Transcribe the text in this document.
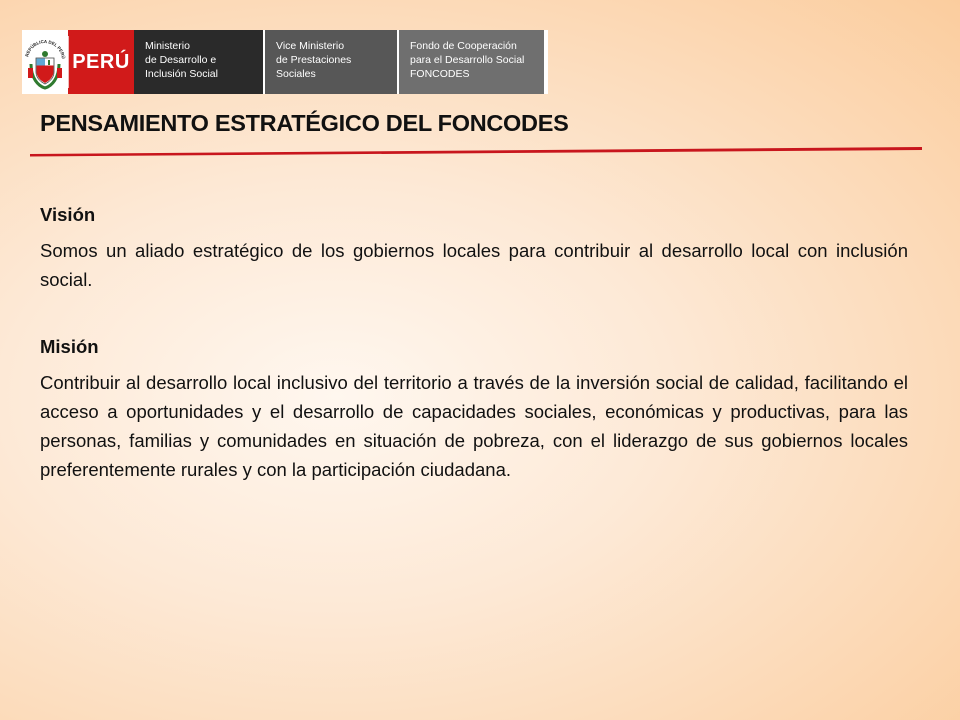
REPÚBLICA DEL PERÚ PERÚ
Ministerio
de Desarrollo e
Inclusión Social
Vice Ministerio
de Prestaciones
Sociales
Fondo de Cooperación
para el Desarrollo Social
FONCODES
PENSAMIENTO ESTRATÉGICO DEL FONCODES

Visión

Somos un aliado estratégico de los gobiernos locales para contribuir al desarrollo local con inclusión social.

Misión

Contribuir al desarrollo local inclusivo del territorio a través de la inversión social de calidad, facilitando el acceso a oportunidades y el desarrollo de capacidades sociales, económicas y productivas, para las personas, familias y comunidades en situación de pobreza, con el liderazgo de sus gobiernos locales preferentemente rurales y con la participación ciudadana.
